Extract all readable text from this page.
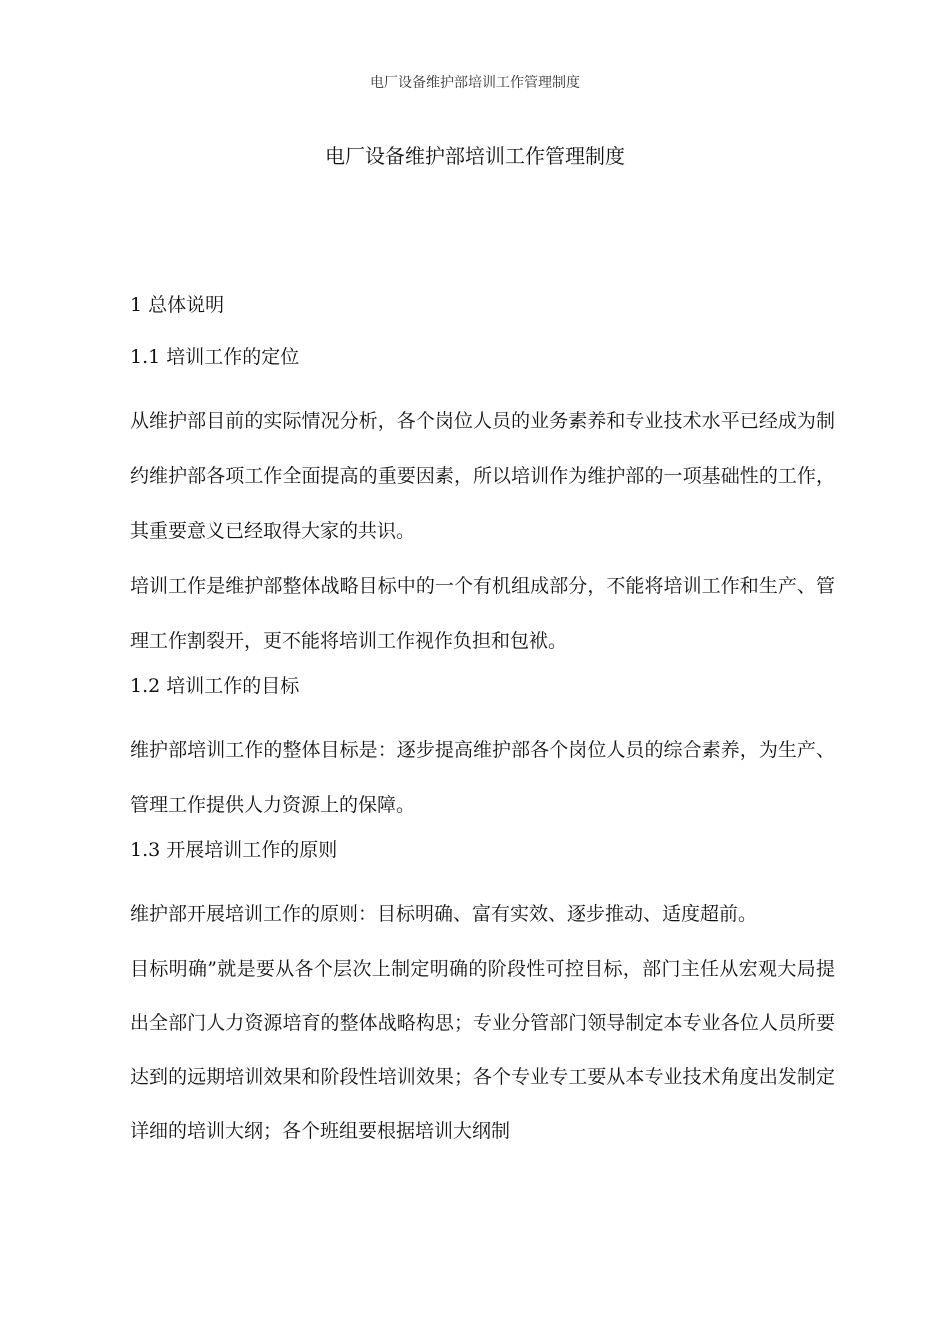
电厂设备维护部培训工作管理制度
电厂设备维护部培训工作管理制度

1 总体说明

1.1 培训工作的定位

从维护部目前的实际情况分析，各个岗位人员的业务素养和专业技术水平已经成为制约维护部各项工作全面提高的重要因素，所以培训作为维护部的一项基础性的工作，其重要意义已经取得大家的共识。

培训工作是维护部整体战略目标中的一个有机组成部分，不能将培训工作和生产、管理工作割裂开，更不能将培训工作视作负担和包袱。

1.2 培训工作的目标

维护部培训工作的整体目标是：逐步提高维护部各个岗位人员的综合素养，为生产、管理工作提供人力资源上的保障。

1.3 开展培训工作的原则

维护部开展培训工作的原则：目标明确、富有实效、逐步推动、适度超前。

目标明确”就是要从各个层次上制定明确的阶段性可控目标，部门主任从宏观大局提出全部门人力资源培育的整体战略构思；专业分管部门领导制定本专业各位人员所要达到的远期培训效果和阶段性培训效果；各个专业专工要从本专业技术角度出发制定详细的培训大纲；各个班组要根据培训大纲制
